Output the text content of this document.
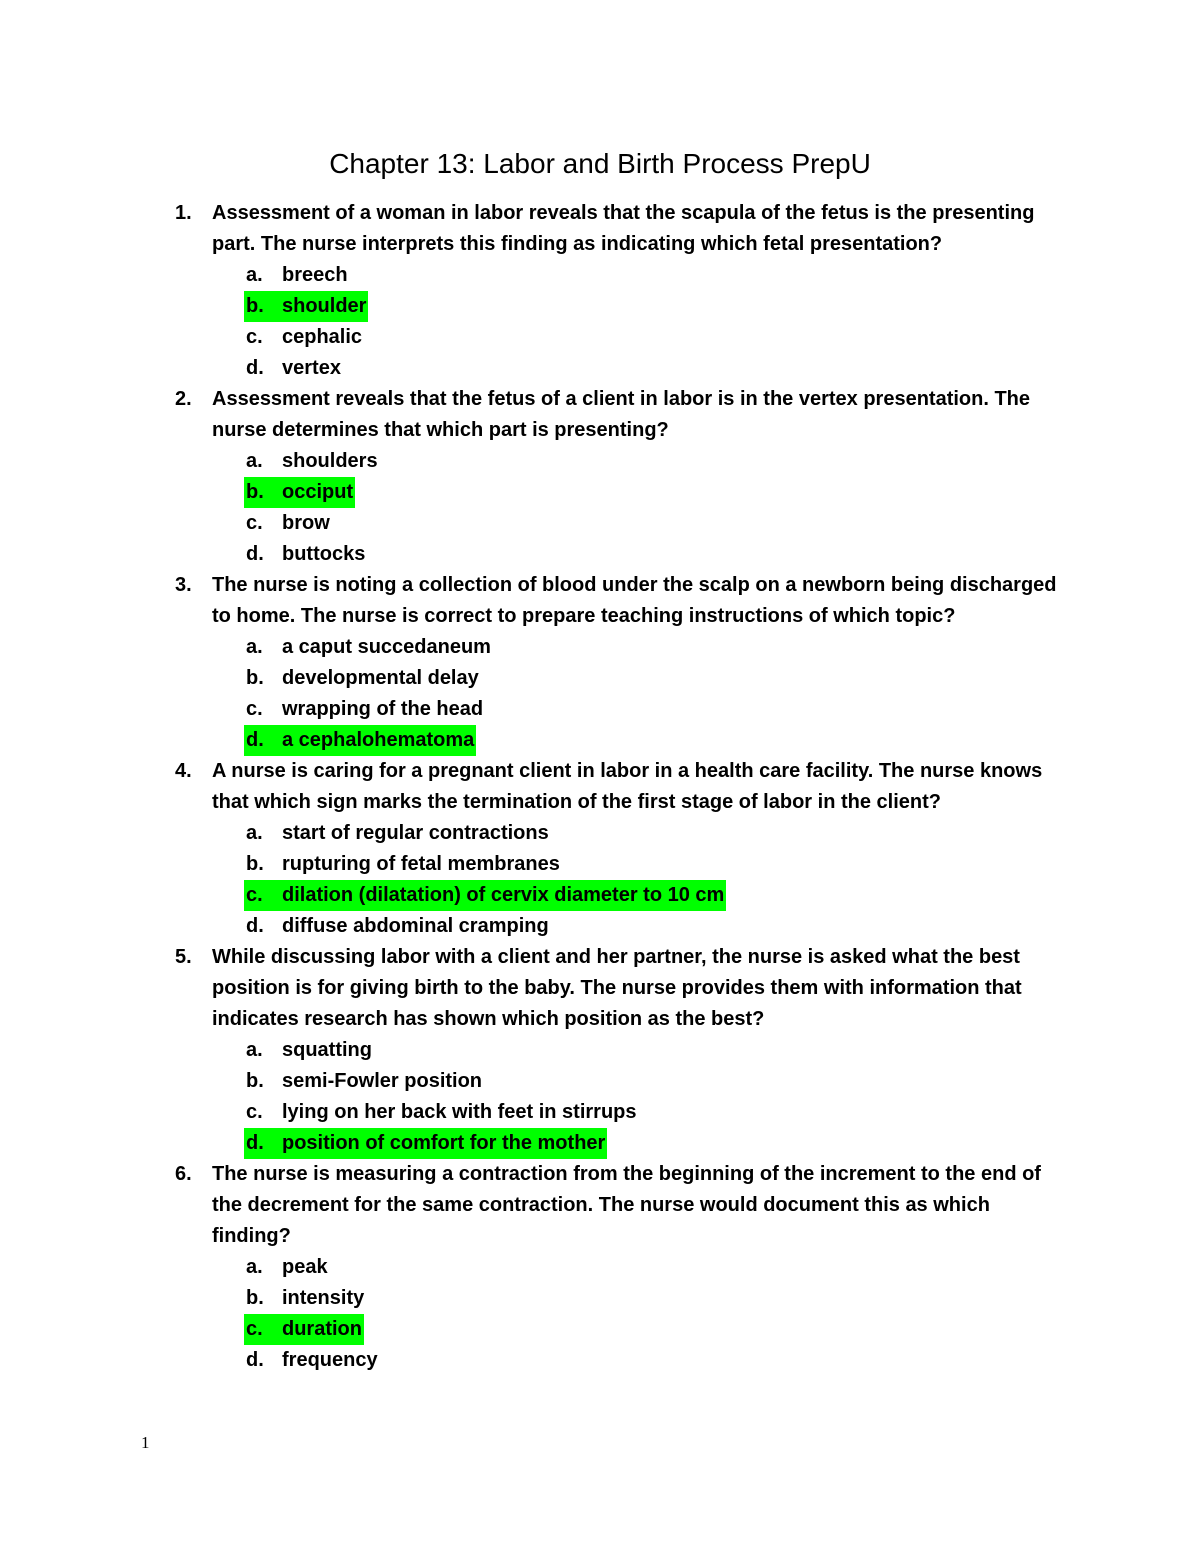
Chapter 13: Labor and Birth Process PrepU
1.	Assessment of a woman in labor reveals that the scapula of the fetus is the presenting part. The nurse interprets this finding as indicating which fetal presentation?
a. breech
b. shoulder
c. cephalic
d. vertex
2.	Assessment reveals that the fetus of a client in labor is in the vertex presentation. The nurse determines that which part is presenting?
a. shoulders
b. occiput
c. brow
d. buttocks
3.	The nurse is noting a collection of blood under the scalp on a newborn being discharged to home. The nurse is correct to prepare teaching instructions of which topic?
a. a caput succedaneum
b. developmental delay
c. wrapping of the head
d. a cephalohematoma
4.	A nurse is caring for a pregnant client in labor in a health care facility. The nurse knows that which sign marks the termination of the first stage of labor in the client?
a. start of regular contractions
b. rupturing of fetal membranes
c. dilation (dilatation) of cervix diameter to 10 cm
d. diffuse abdominal cramping
5.	While discussing labor with a client and her partner, the nurse is asked what the best position is for giving birth to the baby. The nurse provides them with information that indicates research has shown which position as the best?
a. squatting
b. semi-Fowler position
c. lying on her back with feet in stirrups
d. position of comfort for the mother
6.	The nurse is measuring a contraction from the beginning of the increment to the end of the decrement for the same contraction. The nurse would document this as which finding?
a. peak
b. intensity
c. duration
d. frequency
1
